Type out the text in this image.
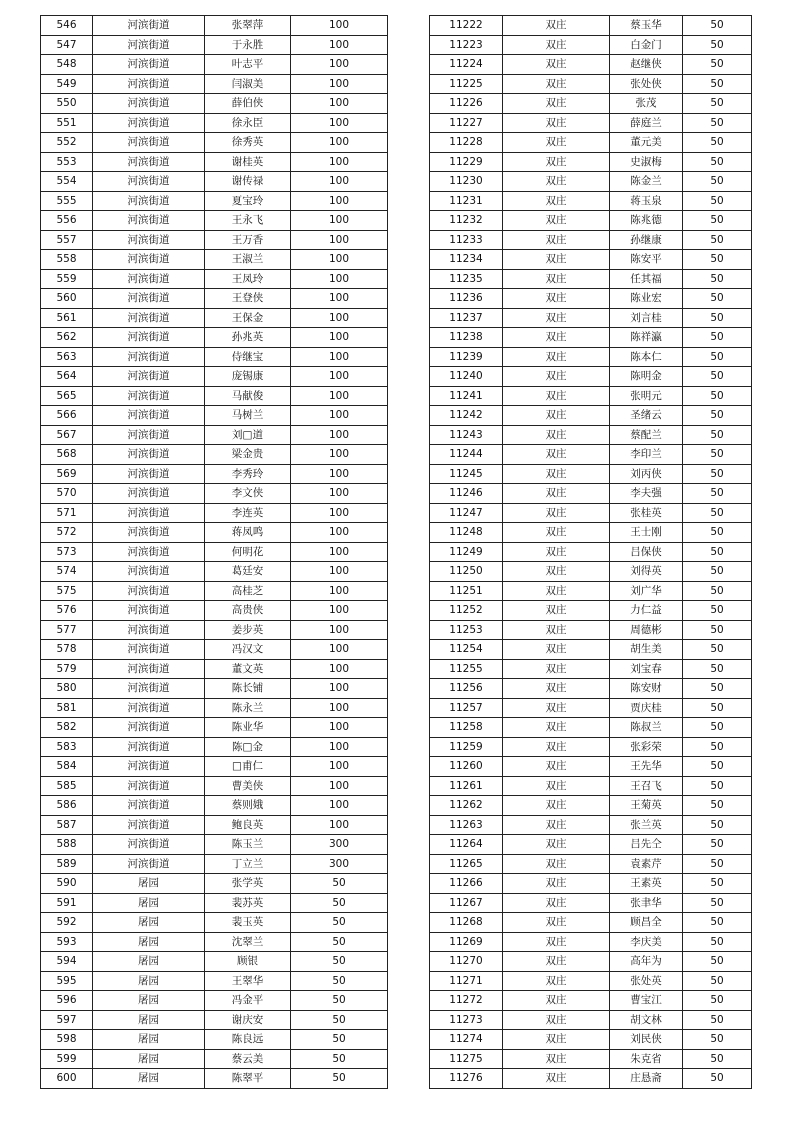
546	河滨街道	张翠萍	100
547	河滨街道	于永胜	100
548	河滨街道	叶志平	100
549	河滨街道	闫淑美	100
550	河滨街道	薛伯侠	100
551	河滨街道	徐永臣	100
552	河滨街道	徐秀英	100
553	河滨街道	谢桂英	100
554	河滨街道	谢传禄	100
555	河滨街道	夏宝玲	100
556	河滨街道	王永飞	100
557	河滨街道	王万香	100
558	河滨街道	王淑兰	100
559	河滨街道	王凤玲	100
560	河滨街道	王登侠	100
561	河滨街道	王保金	100
562	河滨街道	孙兆英	100
563	河滨街道	侍继宝	100
564	河滨街道	庞锡康	100
565	河滨街道	马献俊	100
566	河滨街道	马树兰	100
567	河滨街道	刘□道	100
568	河滨街道	梁金贵	100
569	河滨街道	李秀玲	100
570	河滨街道	李文侠	100
571	河滨街道	李连英	100
572	河滨街道	蒋凤鸣	100
573	河滨街道	何明花	100
574	河滨街道	葛廷安	100
575	河滨街道	高桂芝	100
576	河滨街道	高贵侠	100
577	河滨街道	姜步英	100
578	河滨街道	冯汉文	100
579	河滨街道	董文英	100
580	河滨街道	陈长铺	100
581	河滨街道	陈永兰	100
582	河滨街道	陈业华	100
583	河滨街道	陈□金	100
584	河滨街道	□甫仁	100
585	河滨街道	曹美侠	100
586	河滨街道	蔡则娥	100
587	河滨街道	鲍良英	100
588	河滨街道	陈玉兰	300
589	河滨街道	丁立兰	300
590	屠园	张学英	50
591	屠园	裴苏英	50
592	屠园	裴玉英	50
593	屠园	沈翠兰	50
594	屠园	顾银	50
595	屠园	王翠华	50
596	屠园	冯金平	50
597	屠园	谢庆安	50
598	屠园	陈良远	50
599	屠园	蔡云美	50
600	屠园	陈翠平	50
11222	双庄	蔡玉华	50
11223	双庄	白金门	50
11224	双庄	赵继侠	50
11225	双庄	张处侠	50
11226	双庄	张茂	50
11227	双庄	薛庭兰	50
11228	双庄	董元美	50
11229	双庄	史淑梅	50
11230	双庄	陈金兰	50
11231	双庄	蒋玉泉	50
11232	双庄	陈兆德	50
11233	双庄	孙继康	50
11234	双庄	陈安平	50
11235	双庄	任其福	50
11236	双庄	陈业宏	50
11237	双庄	刘言桂	50
11238	双庄	陈祥瀛	50
11239	双庄	陈本仁	50
11240	双庄	陈明金	50
11241	双庄	张明元	50
11242	双庄	圣绪云	50
11243	双庄	蔡配兰	50
11244	双庄	李印兰	50
11245	双庄	刘丙侠	50
11246	双庄	李夫强	50
11247	双庄	张桂英	50
11248	双庄	王士刚	50
11249	双庄	吕保侠	50
11250	双庄	刘得英	50
11251	双庄	刘广华	50
11252	双庄	力仁益	50
11253	双庄	周德彬	50
11254	双庄	胡生美	50
11255	双庄	刘宝春	50
11256	双庄	陈安财	50
11257	双庄	贾庆桂	50
11258	双庄	陈叔兰	50
11259	双庄	张彩荣	50
11260	双庄	王先华	50
11261	双庄	王召飞	50
11262	双庄	王菊英	50
11263	双庄	张兰英	50
11264	双庄	吕先仝	50
11265	双庄	袁素芹	50
11266	双庄	王素英	50
11267	双庄	张聿华	50
11268	双庄	顾昌全	50
11269	双庄	李庆美	50
11270	双庄	高年为	50
11271	双庄	张处英	50
11272	双庄	曹宝江	50
11273	双庄	胡文林	50
11274	双庄	刘民侠	50
11275	双庄	朱克省	50
11276	双庄	庄恳斋	50
